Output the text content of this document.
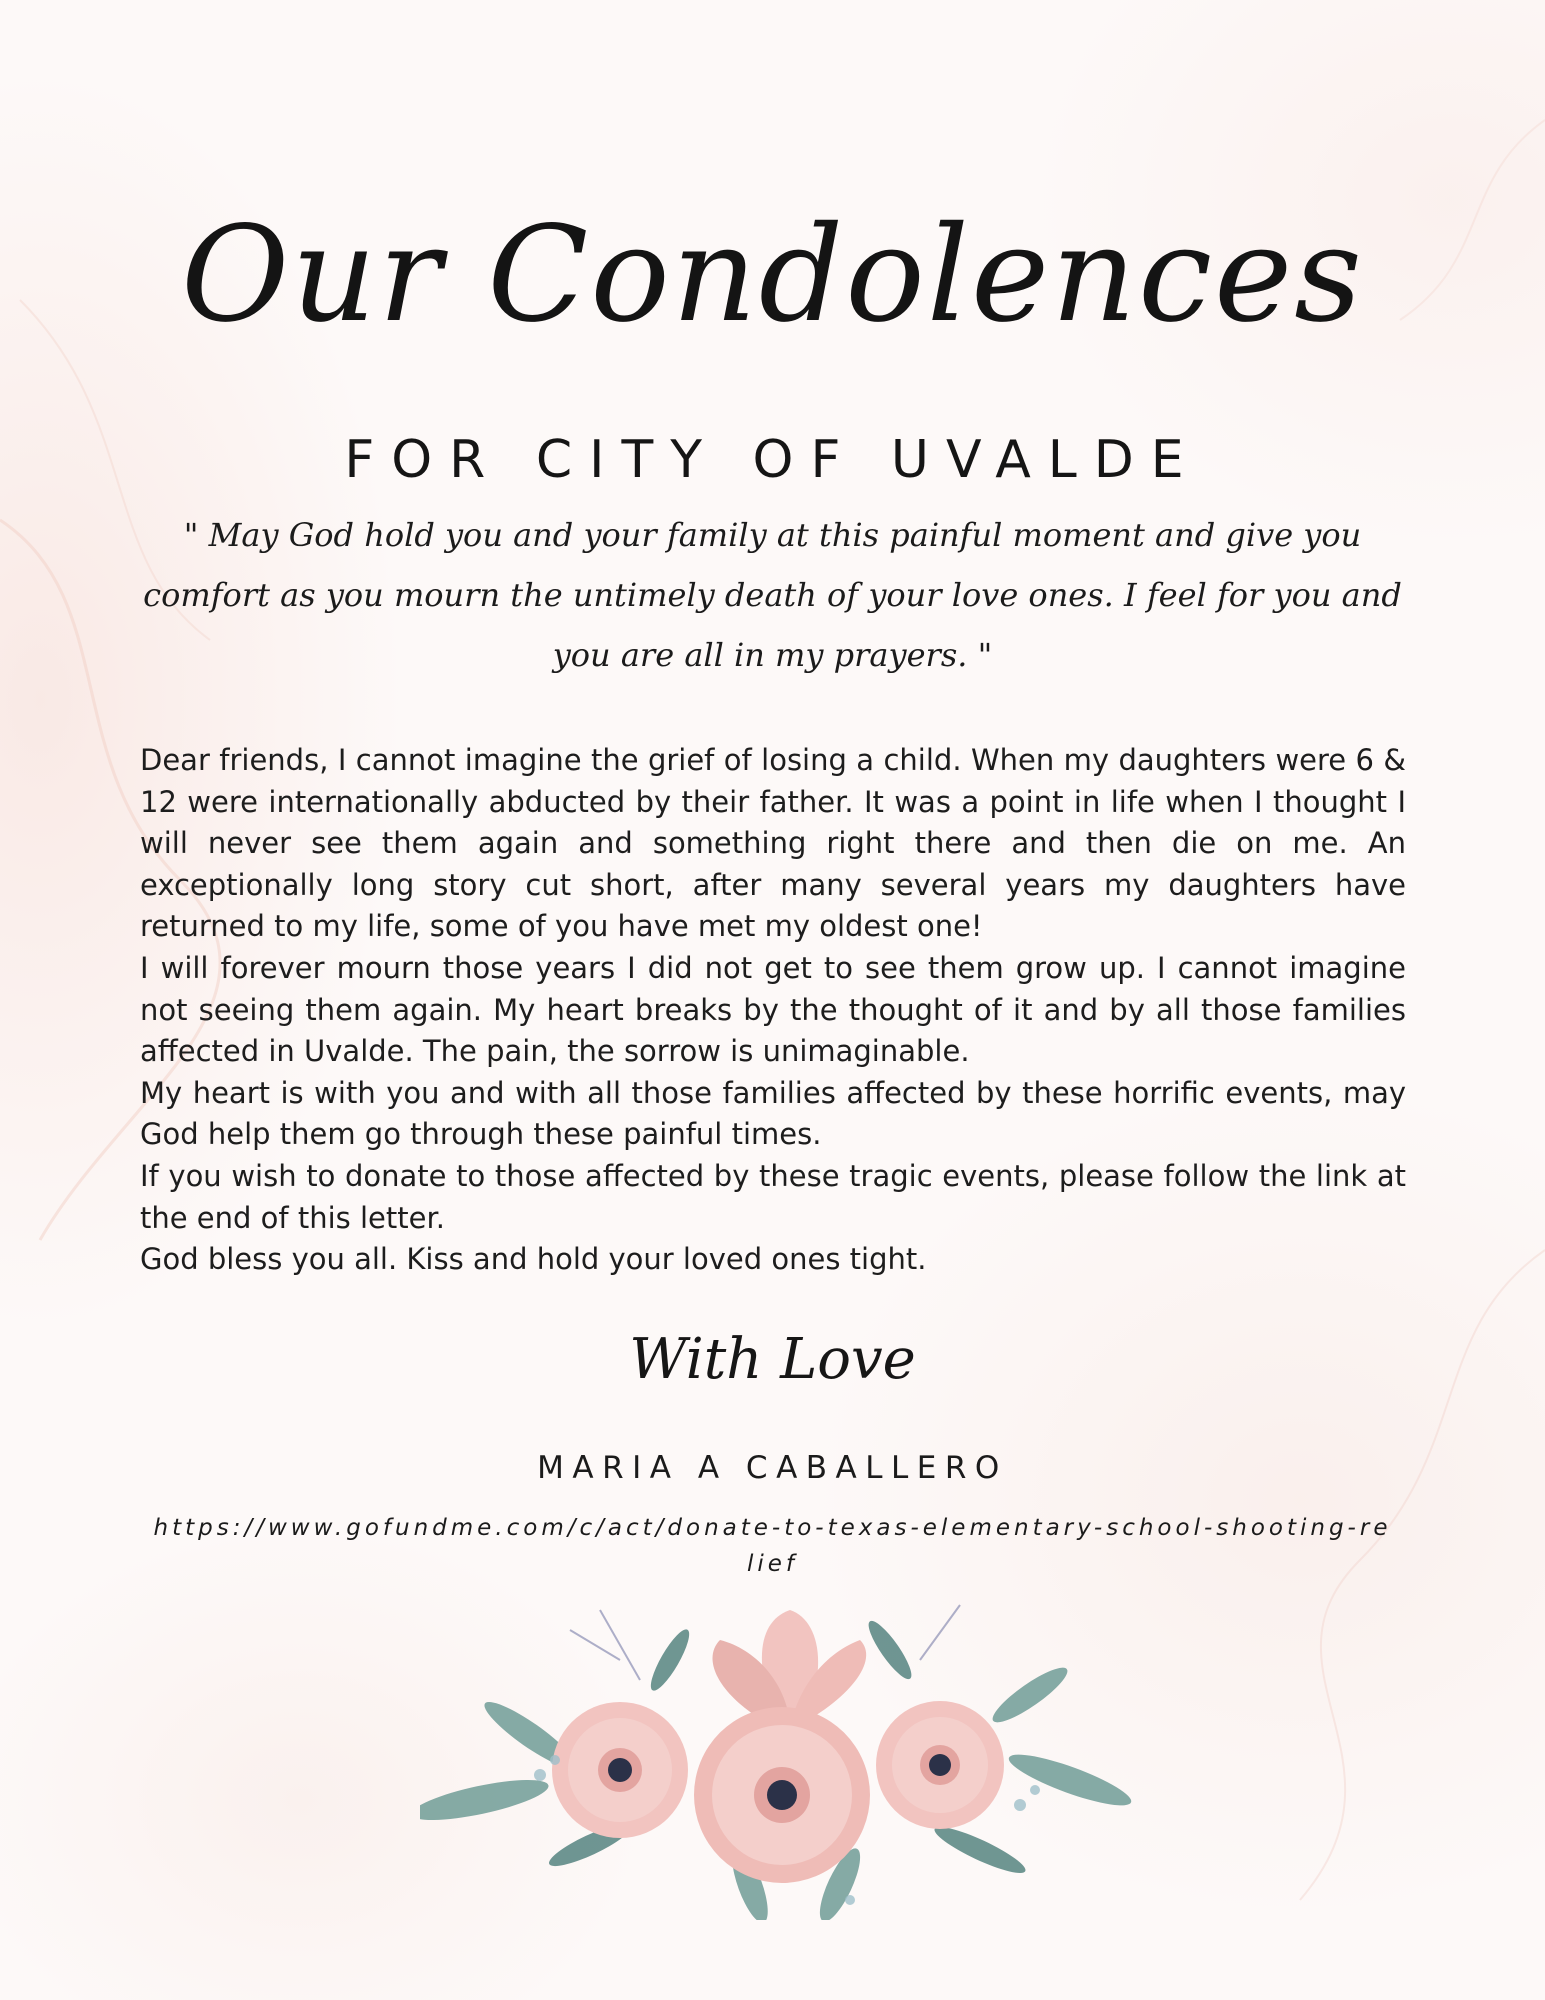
Our Condolences
FOR CITY OF UVALDE

" May God hold you and your family at this painful moment and give you comfort as you mourn the untimely death of your love ones. I feel for you and you are all in my prayers. "

Dear friends, I cannot imagine the grief of losing a child. When my daughters were 6 & 12 were internationally abducted by their father. It was a point in life when I thought I will never see them again and something right there and then die on me. An exceptionally long story cut short, after many several years my daughters have returned to my life, some of you have met my oldest one!

I will forever mourn those years I did not get to see them grow up. I cannot imagine not seeing them again. My heart breaks by the thought of it and by all those families affected in Uvalde. The pain, the sorrow is unimaginable.

My heart is with you and with all those families affected by these horrific events, may God help them go through these painful times.

If you wish to donate to those affected by these tragic events, please follow the link at the end of this letter.

God bless you all. Kiss and hold your loved ones tight.

With Love

MARIA A CABALLERO

https://www.gofundme.com/c/act/donate-to-texas-elementary-school-shooting-relief
